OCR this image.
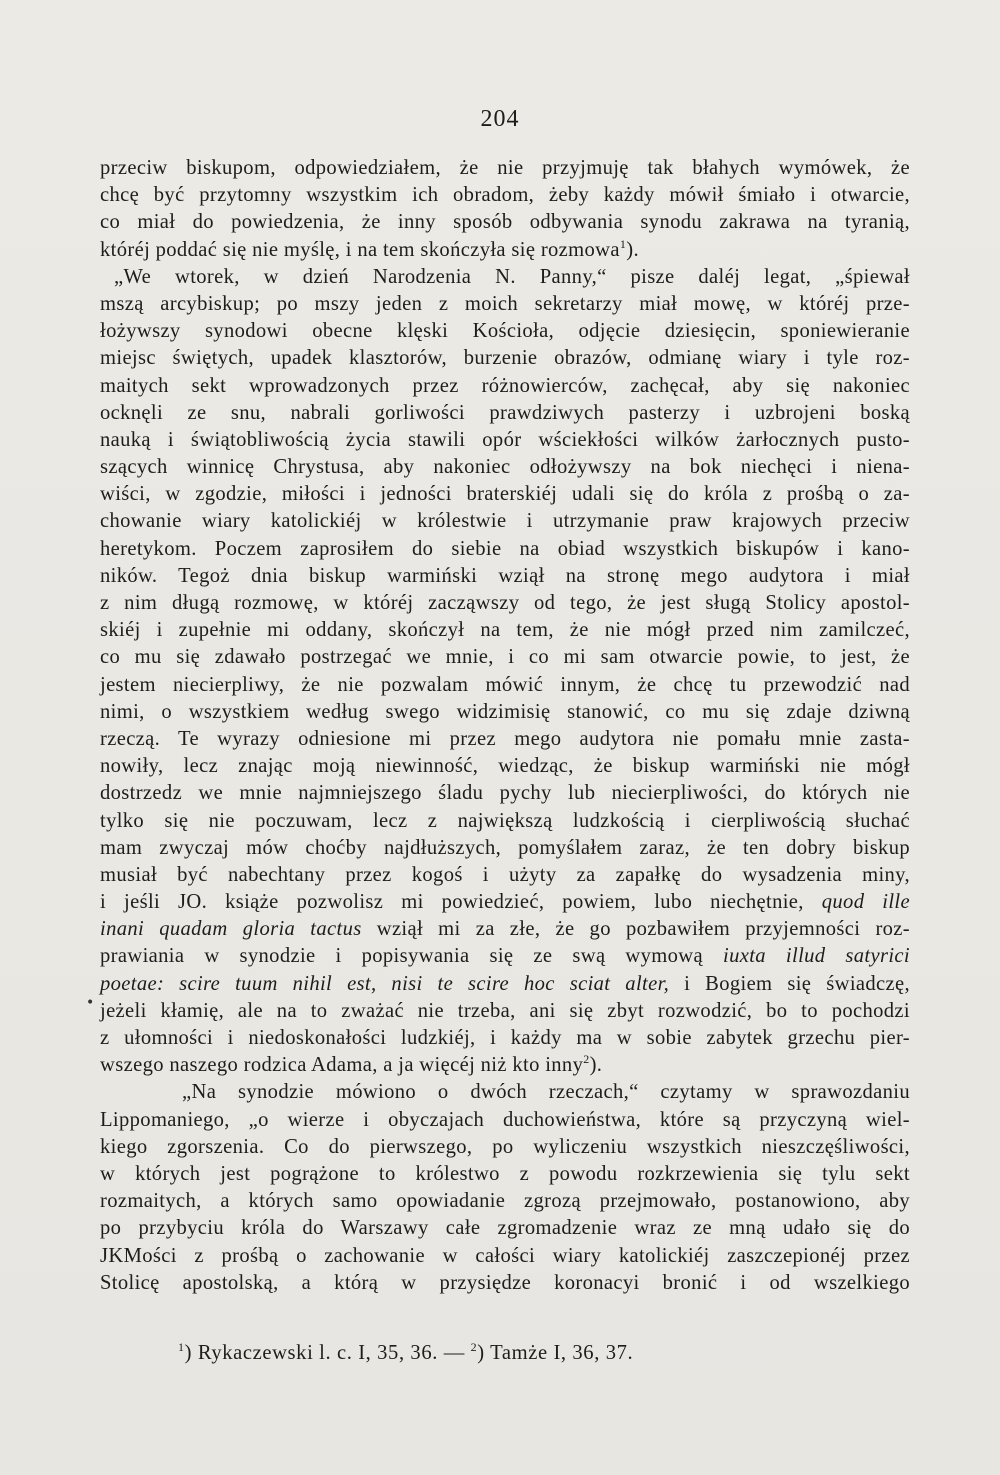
204
•
przeciw biskupom, odpowiedziałem, że nie przyjmuję tak błahych wymówek, że
chcę być przytomny wszystkim ich obradom, żeby każdy mówił śmiało i otwarcie,
co miał do powiedzenia, że inny sposób odbywania synodu zakrawa na tyranią,
któréj poddać się nie myślę, i na tem skończyła się rozmowa$^1$).
„We wtorek, w dzień Narodzenia N. Panny,“ pisze daléj legat, „śpiewał
mszą arcybiskup; po mszy jeden z moich sekretarzy miał mowę, w któréj prze-
łożywszy synodowi obecne klęski Kościoła, odjęcie dziesięcin, sponiewieranie
miejsc świętych, upadek klasztorów, burzenie obrazów, odmianę wiary i tyle roz-
maitych sekt wprowadzonych przez różnowierców, zachęcał, aby się nakoniec
ocknęli ze snu, nabrali gorliwości prawdziwych pasterzy i uzbrojeni boską
nauką i świątobliwością życia stawili opór wściekłości wilków żarłocznych pusto-
szących winnicę Chrystusa, aby nakoniec odłożywszy na bok niechęci i niena-
wiści, w zgodzie, miłości i jedności braterskiéj udali się do króla z prośbą o za-
chowanie wiary katolickiéj w królestwie i utrzymanie praw krajowych przeciw
heretykom. Poczem zaprosiłem do siebie na obiad wszystkich biskupów i kano-
ników. Tegoż dnia biskup warmiński wziął na stronę mego audytora i miał
z nim długą rozmowę, w któréj zacząwszy od tego, że jest sługą Stolicy apostol-
skiéj i zupełnie mi oddany, skończył na tem, że nie mógł przed nim zamilczeć,
co mu się zdawało postrzegać we mnie, i co mi sam otwarcie powie, to jest, że
jestem niecierpliwy, że nie pozwalam mówić innym, że chcę tu przewodzić nad
nimi, o wszystkiem według swego widzimisię stanowić, co mu się zdaje dziwną
rzeczą. Te wyrazy odniesione mi przez mego audytora nie pomału mnie zasta-
nowiły, lecz znając moją niewinność, wiedząc, że biskup warmiński nie mógł
dostrzedz we mnie najmniejszego śladu pychy lub niecierpliwości, do których nie
tylko się nie poczuwam, lecz z największą ludzkością i cierpliwością słuchać
mam zwyczaj mów choćby najdłuższych, pomyślałem zaraz, że ten dobry biskup
musiał być nabechtany przez kogoś i użyty za zapałkę do wysadzenia miny,
i jeśli JO. książe pozwolisz mi powiedzieć, powiem, lubo niechętnie, quod ille
inani quadam gloria tactus wziął mi za złe, że go pozbawiłem przyjemności roz-
prawiania w synodzie i popisywania się ze swą wymową iuxta illud satyrici
poetae: scire tuum nihil est, nisi te scire hoc sciat alter, i Bogiem się świadczę,
jeżeli kłamię, ale na to zważać nie trzeba, ani się zbyt rozwodzić, bo to pochodzi
z ułomności i niedoskonałości ludzkiéj, i każdy ma w sobie zabytek grzechu pier-
wszego naszego rodzica Adama, a ja więcéj niż kto inny$^2$).
„Na synodzie mówiono o dwóch rzeczach,“ czytamy w sprawozdaniu
Lippomaniego, „o wierze i obyczajach duchowieństwa, które są przyczyną wiel-
kiego zgorszenia. Co do pierwszego, po wyliczeniu wszystkich nieszczęśliwości,
w których jest pogrążone to królestwo z powodu rozkrzewienia się tylu sekt
rozmaitych, a których samo opowiadanie zgrozą przejmowało, postanowiono, aby
po przybyciu króla do Warszawy całe zgromadzenie wraz ze mną udało się do
JKMości z prośbą o zachowanie w całości wiary katolickiéj zaszczepionéj przez
Stolicę apostolską, a którą w przysiędze koronacyi bronić i od wszelkiego
$^1$) Rykaczewski l. c. I, 35, 36. — $^2$) Tamże I, 36, 37.
